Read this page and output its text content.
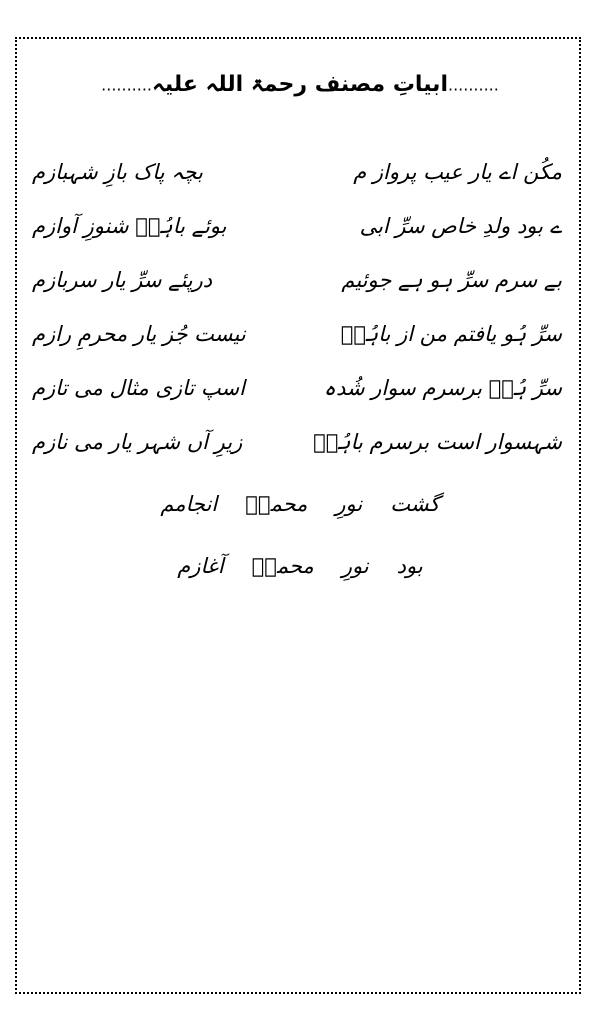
..........ابیاتِ مصنف رحمۃ اللہ علیہ..........
مکُن اے یار عیب پرواز م
بچہ پاک بازِ شہبازم
ے بود ولدِ خاص سرِّ ابی
بوئے باہُوؒ شنوزِ آوازم
بے سرم سرِّ ہو ہے جوئیم
درپئے سرِّ یار سربازم
سرِّ ہُو یافتم من از باہُوؒ
نیست جُز یار محرمِ رازم
سرِّ ہُوؒ برسرم سوار شُدہ
اسپ تازی مثال می تازم
شہسوار است برسرم باہُوؒ
زیرِ آں شہر یار می نازم
گشتنورِمحمدؐانجامم
بودنورِمحمدؐآغازم
